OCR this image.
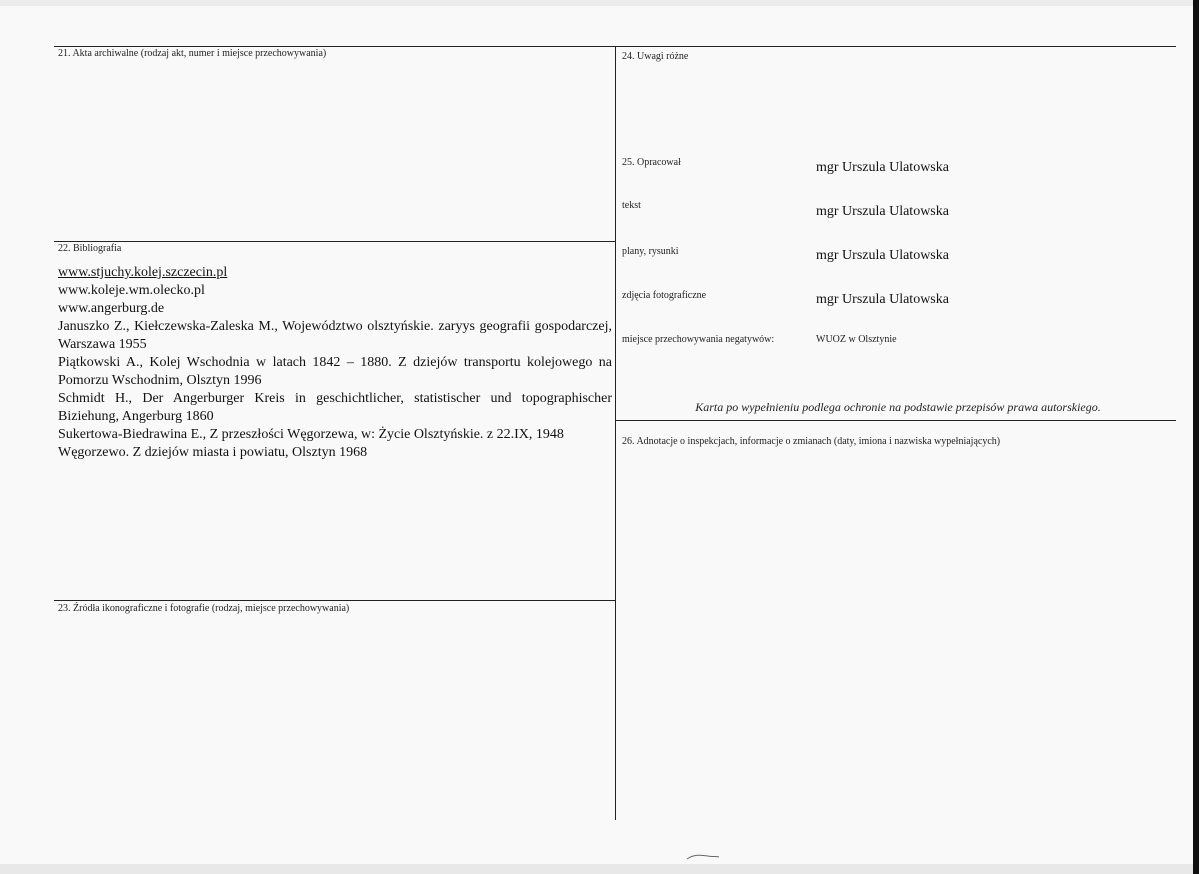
21. Akta archiwalne (rodzaj akt, numer i miejsce przechowywania)
22. Bibliografia
www.stjuchy.kolej.szczecin.pl
www.koleje.wm.olecko.pl
www.angerburg.de
Januszko Z., Kiełczewska-Zaleska M., Województwo olsztyńskie. zaryys geografii gospodarczej, Warszawa 1955
Piątkowski A., Kolej Wschodnia w latach 1842 – 1880. Z dziejów transportu kolejowego na Pomorzu Wschodnim, Olsztyn 1996
Schmidt H., Der Angerburger Kreis in geschichtlicher, statistischer und topographischer Biziehung, Angerburg 1860
Sukertowa-Biedrawina E., Z przeszłości Węgorzewa, w: Życie Olsztyńskie. z 22.IX, 1948
Węgorzewo. Z dziejów miasta i powiatu, Olsztyn 1968
23. Źródła ikonograficzne i fotografie (rodzaj, miejsce przechowywania)
24. Uwagi różne
25. Opracował	mgr Urszula Ulatowska
tekst	mgr Urszula Ulatowska
plany, rysunki	mgr Urszula Ulatowska
zdjęcia fotograficzne	mgr Urszula Ulatowska
miejsce przechowywania negatywów:	WUOZ w Olsztynie
Karta po wypełnieniu podlega ochronie na podstawie przepisów prawa autorskiego.
26. Adnotacje o inspekcjach, informacje o zmianach (daty, imiona i nazwiska wypełniających)
